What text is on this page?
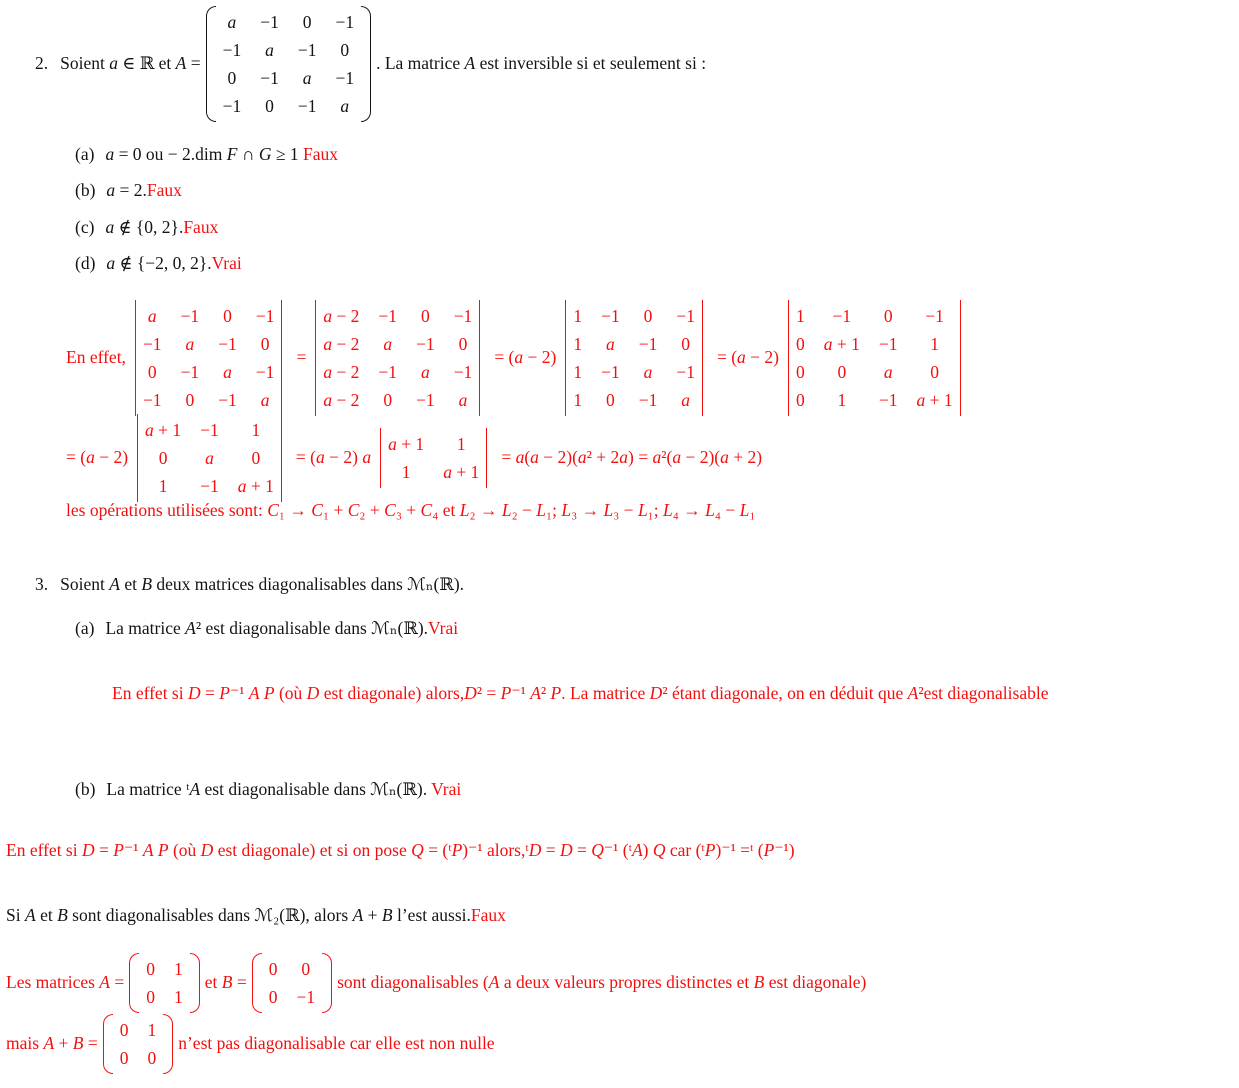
2. Soient a ∈ ℝ et A =
a −1 0 −1
−1 a −1 0
0 −1 a −1
−1 0 −1 a
. La matrice A est inversible si et seulement si :
(a) a = 0 ou − 2.dim F ∩ G ≥ 1 Faux
(b) a = 2.Faux
(c) a ∉ {0, 2}.Faux
(d) a ∉ {−2, 0, 2}.Vrai
En effet,
a −1 0 −1
−1 a −1 0
0 −1 a −1
−1 0 −1 a
=
a − 2 −1 0 −1
a − 2 a −1 0
a − 2 −1 a −1
a − 2 0 −1 a
= (a − 2)
1 −1 0 −1
1 a −1 0
1 −1 a −1
1 0 −1 a
= (a − 2)
1 −1 0 −1
0 a + 1 −1 1
0 0 a 0
0 1 −1 a + 1
= (a − 2)
a + 1 −1 1
0 a 0
1 −1 a + 1
= (a − 2) a
a + 1 1
1 a + 1
= a(a − 2)(a² + 2a) = a²(a − 2)(a + 2)
les opérations utilisées sont: C₁ → C₁ + C₂ + C₃ + C₄ et L₂ → L₂ − L₁; L₃ → L₃ − L₁; L₄ → L₄ − L₁
3. Soient A et B deux matrices diagonalisables dans ℳₙ(ℝ).
(a) La matrice A² est diagonalisable dans ℳₙ(ℝ).Vrai
En effet si D = P⁻¹ A P (où D est diagonale) alors,D² = P⁻¹ A² P. La matrice D² étant diagonale, on en déduit que A²est diagonalisable
(b) La matrice ᵗA est diagonalisable dans ℳₙ(ℝ). Vrai
En effet si D = P⁻¹ A P (où D est diagonale) et si on pose Q = (ᵗP)⁻¹ alors,ᵗD = D = Q⁻¹ (ᵗA) Q car (ᵗP)⁻¹ =ᵗ (P⁻¹)
Si A et B sont diagonalisables dans ℳ₂(ℝ), alors A + B l’est aussi.Faux
Les matrices A =
0 1
0 1
et B =
0 0
0 −1
sont diagonalisables (A a deux valeurs propres distinctes et B est diagonale)
mais A + B =
0 1
0 0
n’est pas diagonalisable car elle est non nulle
